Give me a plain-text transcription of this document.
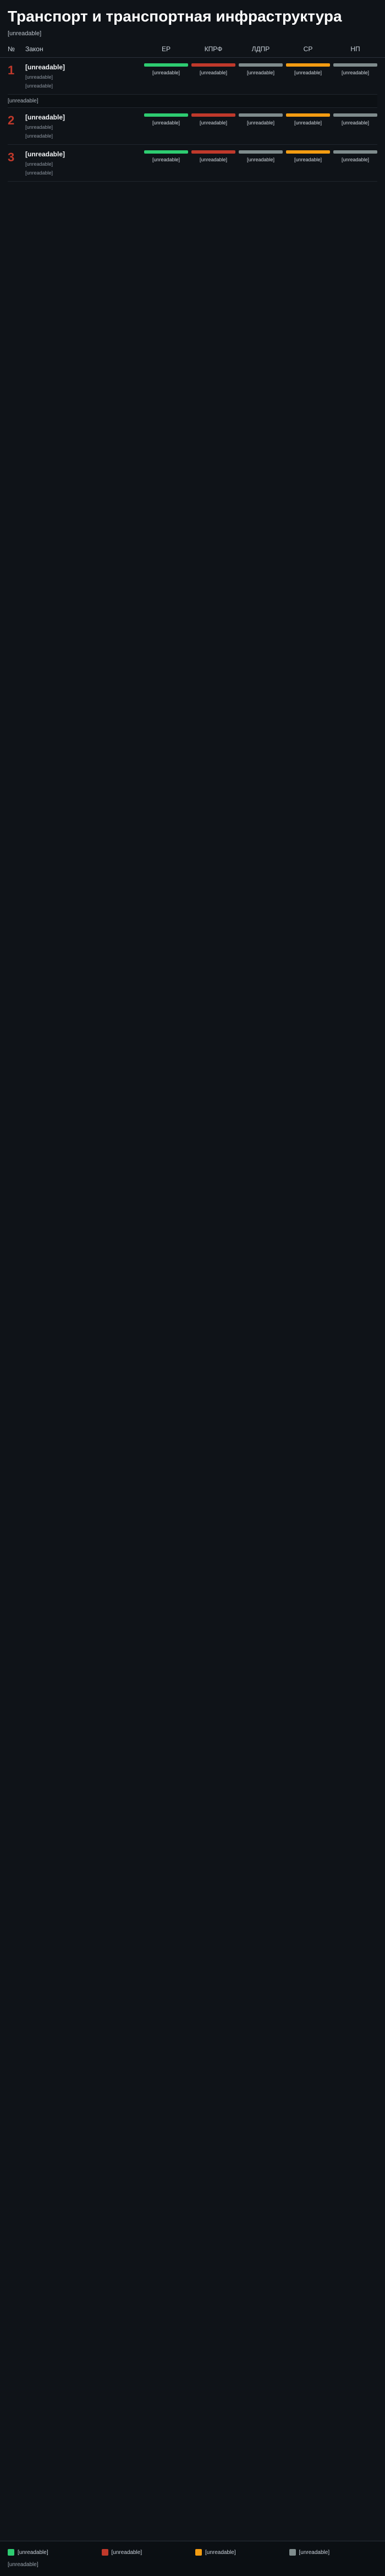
Транспорт и транспортная инфраструктура
[unreadable]
№	Закон	ЕР	КПРФ	ЛДПР	СР	НП
1	[unreadable]
[unreadable]
[unreadable]
[unreadable]	[unreadable]	[unreadable]	[unreadable]	[unreadable]
[unreadable]
2	[unreadable]
[unreadable]
[unreadable]
[unreadable]	[unreadable]	[unreadable]	[unreadable]	[unreadable]
3	[unreadable]
[unreadable]
[unreadable]
[unreadable]	[unreadable]	[unreadable]	[unreadable]	[unreadable]
[unreadable]	[unreadable]	[unreadable]	[unreadable]
[unreadable]
